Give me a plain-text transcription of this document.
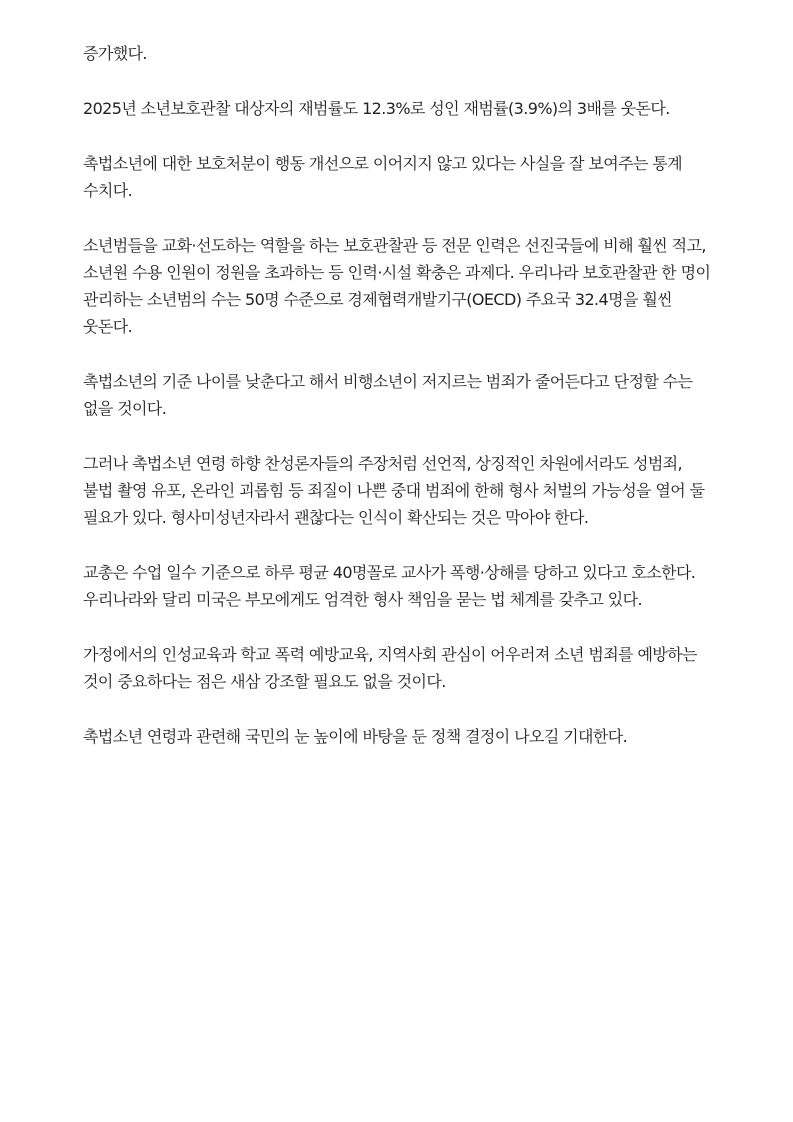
증가했다.

2025년 소년보호관찰 대상자의 재범률도 12.3%로 성인 재범률(3.9%)의 3배를 웃돈다.

촉법소년에 대한 보호처분이 행동 개선으로 이어지지 않고 있다는 사실을 잘 보여주는 통계 수치다.

소년범들을 교화·선도하는 역할을 하는 보호관찰관 등 전문 인력은 선진국들에 비해 훨씬 적고, 소년원 수용 인원이 정원을 초과하는 등 인력·시설 확충은 과제다. 우리나라 보호관찰관 한 명이 관리하는 소년범의 수는 50명 수준으로 경제협력개발기구(OECD) 주요국 32.4명을 훨씬 웃돈다.

촉법소년의 기준 나이를 낮춘다고 해서 비행소년이 저지르는 범죄가 줄어든다고 단정할 수는 없을 것이다.

그러나 촉법소년 연령 하향 찬성론자들의 주장처럼 선언적, 상징적인 차원에서라도 성범죄, 불법 촬영 유포, 온라인 괴롭힘 등 죄질이 나쁜 중대 범죄에 한해 형사 처벌의 가능성을 열어 둘 필요가 있다. 형사미성년자라서 괜찮다는 인식이 확산되는 것은 막아야 한다.

교총은 수업 일수 기준으로 하루 평균 40명꼴로 교사가 폭행·상해를 당하고 있다고 호소한다. 우리나라와 달리 미국은 부모에게도 엄격한 형사 책임을 묻는 법 체계를 갖추고 있다.

가정에서의 인성교육과 학교 폭력 예방교육, 지역사회 관심이 어우러져 소년 범죄를 예방하는 것이 중요하다는 점은 새삼 강조할 필요도 없을 것이다.

촉법소년 연령과 관련해 국민의 눈 높이에 바탕을 둔 정책 결정이 나오길 기대한다.
